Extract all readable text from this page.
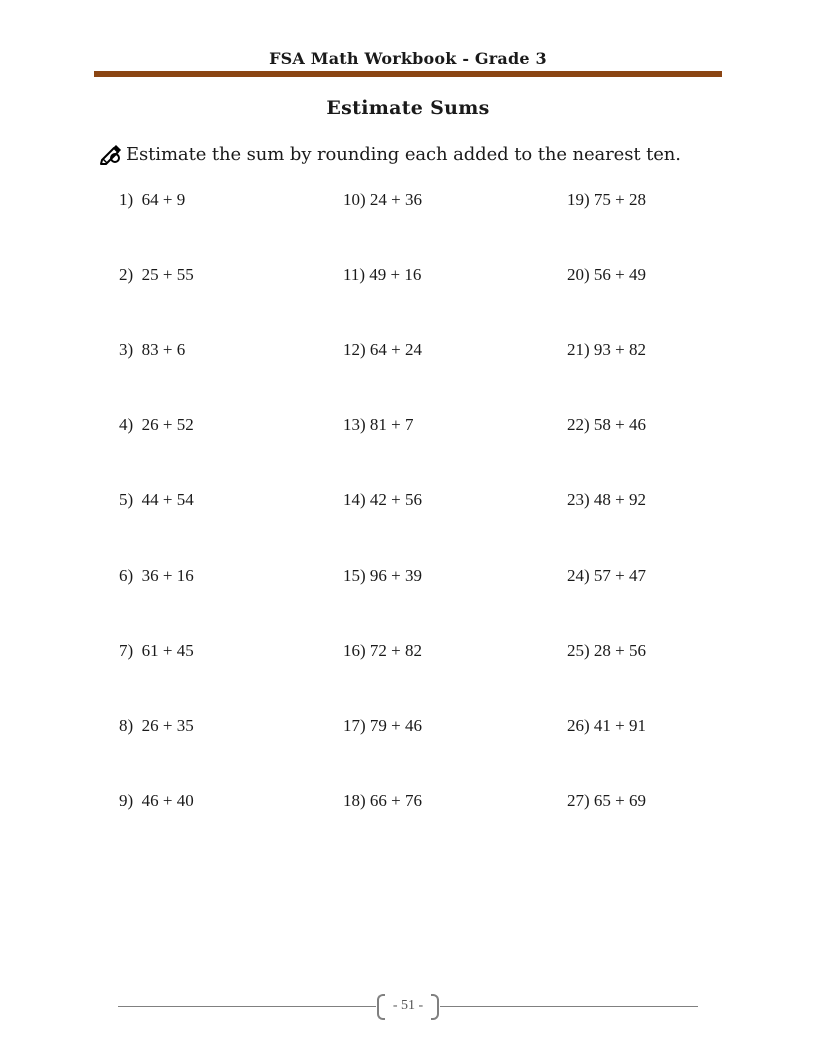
FSA Math Workbook - Grade 3
Estimate Sums
Estimate the sum by rounding each added to the nearest ten.
1)  64 + 9	10) 24 + 36	19) 75 + 28
2)  25 + 55	11) 49 + 16	20) 56 + 49
3)  83 + 6	12) 64 + 24	21) 93 + 82
4)  26 + 52	13) 81 + 7	22) 58 + 46
5)  44 + 54	14) 42 + 56	23) 48 + 92
6)  36 + 16	15) 96 + 39	24) 57 + 47
7)  61 + 45	16) 72 + 82	25) 28 + 56
8)  26 + 35	17) 79 + 46	26) 41 + 91
9)  46 + 40	18) 66 + 76	27) 65 + 69
- 51 -
